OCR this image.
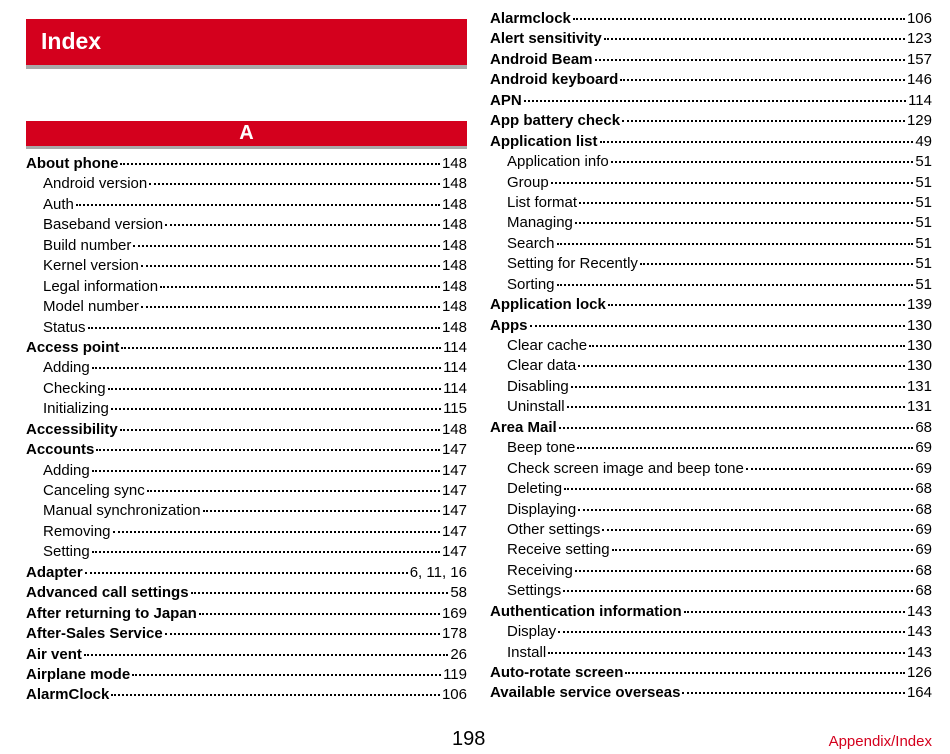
Index
A
About phone	148
Android version	148
Auth	148
Baseband version	148
Build number	148
Kernel version	148
Legal information	148
Model number	148
Status	148
Access point	114
Adding	114
Checking	114
Initializing	115
Accessibility	148
Accounts	147
Adding	147
Canceling sync	147
Manual synchronization	147
Removing	147
Setting	147
Adapter	6, 11, 16
Advanced call settings	58
After returning to Japan	169
After-Sales Service	178
Air vent	26
Airplane mode	119
AlarmClock	106
Alarmclock	106
Alert sensitivity	123
Android Beam	157
Android keyboard	146
APN	114
App battery check	129
Application list	49
Application info	51
Group	51
List format	51
Managing	51
Search	51
Setting for Recently	51
Sorting	51
Application lock	139
Apps	130
Clear cache	130
Clear data	130
Disabling	131
Uninstall	131
Area Mail	68
Beep tone	69
Check screen image and beep tone	69
Deleting	68
Displaying	68
Other settings	69
Receive setting	69
Receiving	68
Settings	68
Authentication information	143
Display	143
Install	143
Auto-rotate screen	126
Available service overseas	164
198	Appendix/Index
